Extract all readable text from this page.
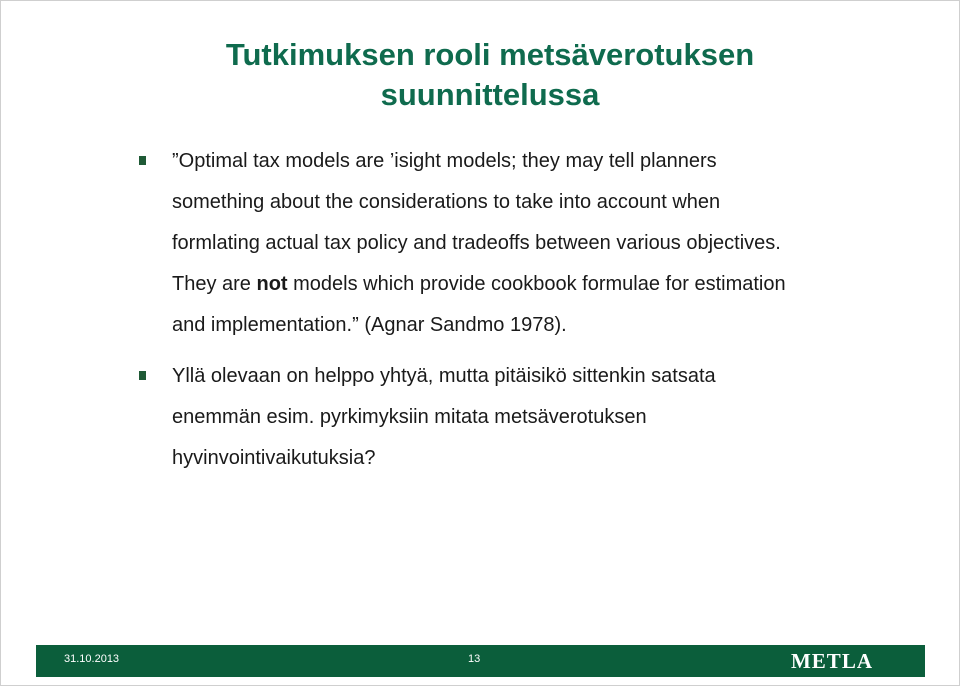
Tutkimuksen rooli metsäverotuksen
suunnittelussa
”Optimal tax models are ’isight models; they may tell planners something about the considerations to take into account when formlating actual tax policy and tradeoffs between various objectives. They are not models which provide cookbook formulae for estimation and implementation.” (Agnar Sandmo 1978).
Yllä olevaan on helppo yhtyä, mutta pitäisikö sittenkin satsata enemmän esim. pyrkimyksiin mitata metsäverotuksen hyvinvointivaikutuksia?
31.10.2013	13	METLA
